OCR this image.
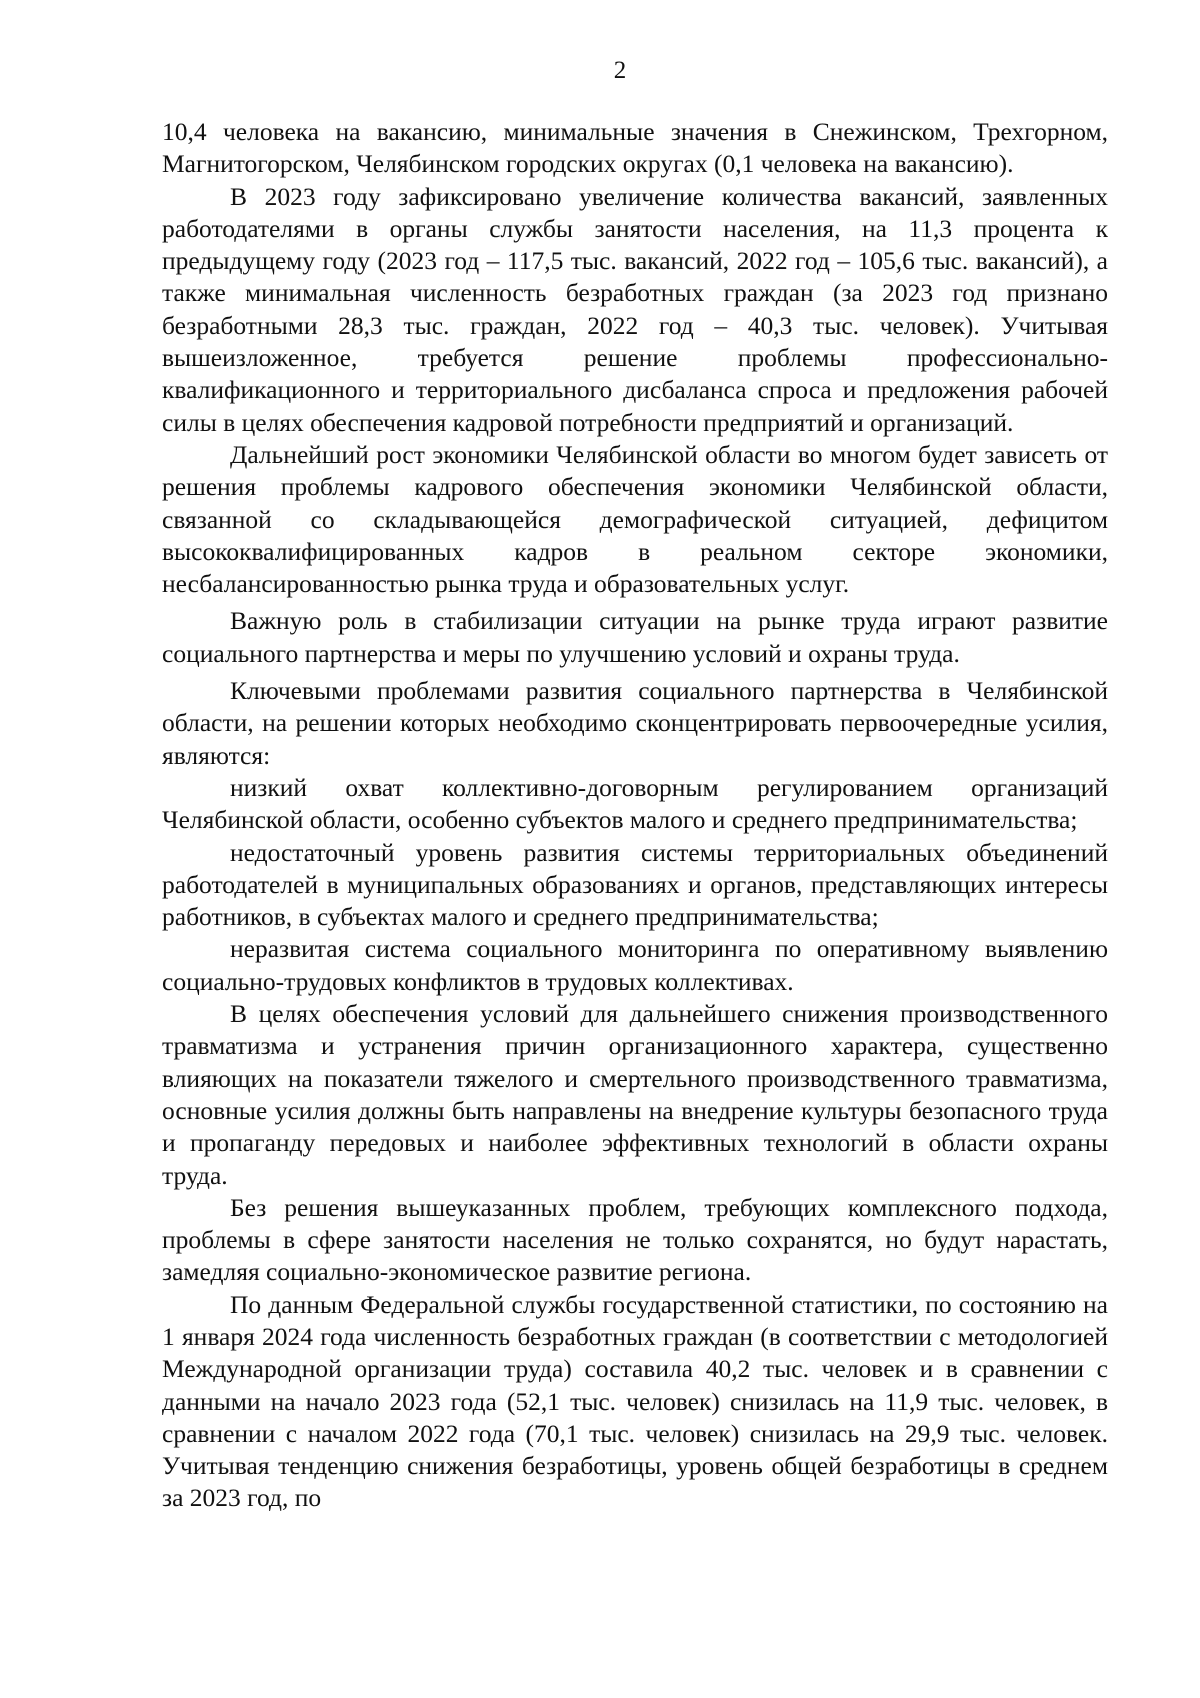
2

10,4 человека на вакансию, минимальные значения в Снежинском, Трехгорном, Магнитогорском, Челябинском городских округах (0,1 человека на вакансию).

В 2023 году зафиксировано увеличение количества вакансий, заявленных работодателями в органы службы занятости населения, на 11,3 процента к предыдущему году (2023 год – 117,5 тыс. вакансий, 2022 год – 105,6 тыс. вакансий), а также минимальная численность безработных граждан (за 2023 год признано безработными 28,3 тыс. граждан, 2022 год – 40,3 тыс. человек). Учитывая вышеизложенное, требуется решение проблемы профессионально-квалификационного и территориального дисбаланса спроса и предложения рабочей силы в целях обеспечения кадровой потребности предприятий и организаций.

Дальнейший рост экономики Челябинской области во многом будет зависеть от решения проблемы кадрового обеспечения экономики Челябинской области, связанной со складывающейся демографической ситуацией, дефицитом высококвалифицированных кадров в реальном секторе экономики, несбалансированностью рынка труда и образовательных услуг.

Важную роль в стабилизации ситуации на рынке труда играют развитие социального партнерства и меры по улучшению условий и охраны труда.

Ключевыми проблемами развития социального партнерства в Челябинской области, на решении которых необходимо сконцентрировать первоочередные усилия, являются:

низкий охват коллективно-договорным регулированием организаций Челябинской области, особенно субъектов малого и среднего предпринимательства;

недостаточный уровень развития системы территориальных объединений работодателей в муниципальных образованиях и органов, представляющих интересы работников, в субъектах малого и среднего предпринимательства;

неразвитая система социального мониторинга по оперативному выявлению социально-трудовых конфликтов в трудовых коллективах.

В целях обеспечения условий для дальнейшего снижения производственного травматизма и устранения причин организационного характера, существенно влияющих на показатели тяжелого и смертельного производственного травматизма, основные усилия должны быть направлены на внедрение культуры безопасного труда и пропаганду передовых и наиболее эффективных технологий в области охраны труда.

Без решения вышеуказанных проблем, требующих комплексного подхода, проблемы в сфере занятости населения не только сохранятся, но будут нарастать, замедляя социально-экономическое развитие региона.

По данным Федеральной службы государственной статистики, по состоянию на 1 января 2024 года численность безработных граждан (в соответствии с методологией Международной организации труда) составила 40,2 тыс. человек и в сравнении с данными на начало 2023 года (52,1 тыс. человек) снизилась на 11,9 тыс. человек, в сравнении с началом 2022 года (70,1 тыс. человек) снизилась на 29,9 тыс. человек. Учитывая тенденцию снижения безработицы, уровень общей безработицы в среднем за 2023 год, по
